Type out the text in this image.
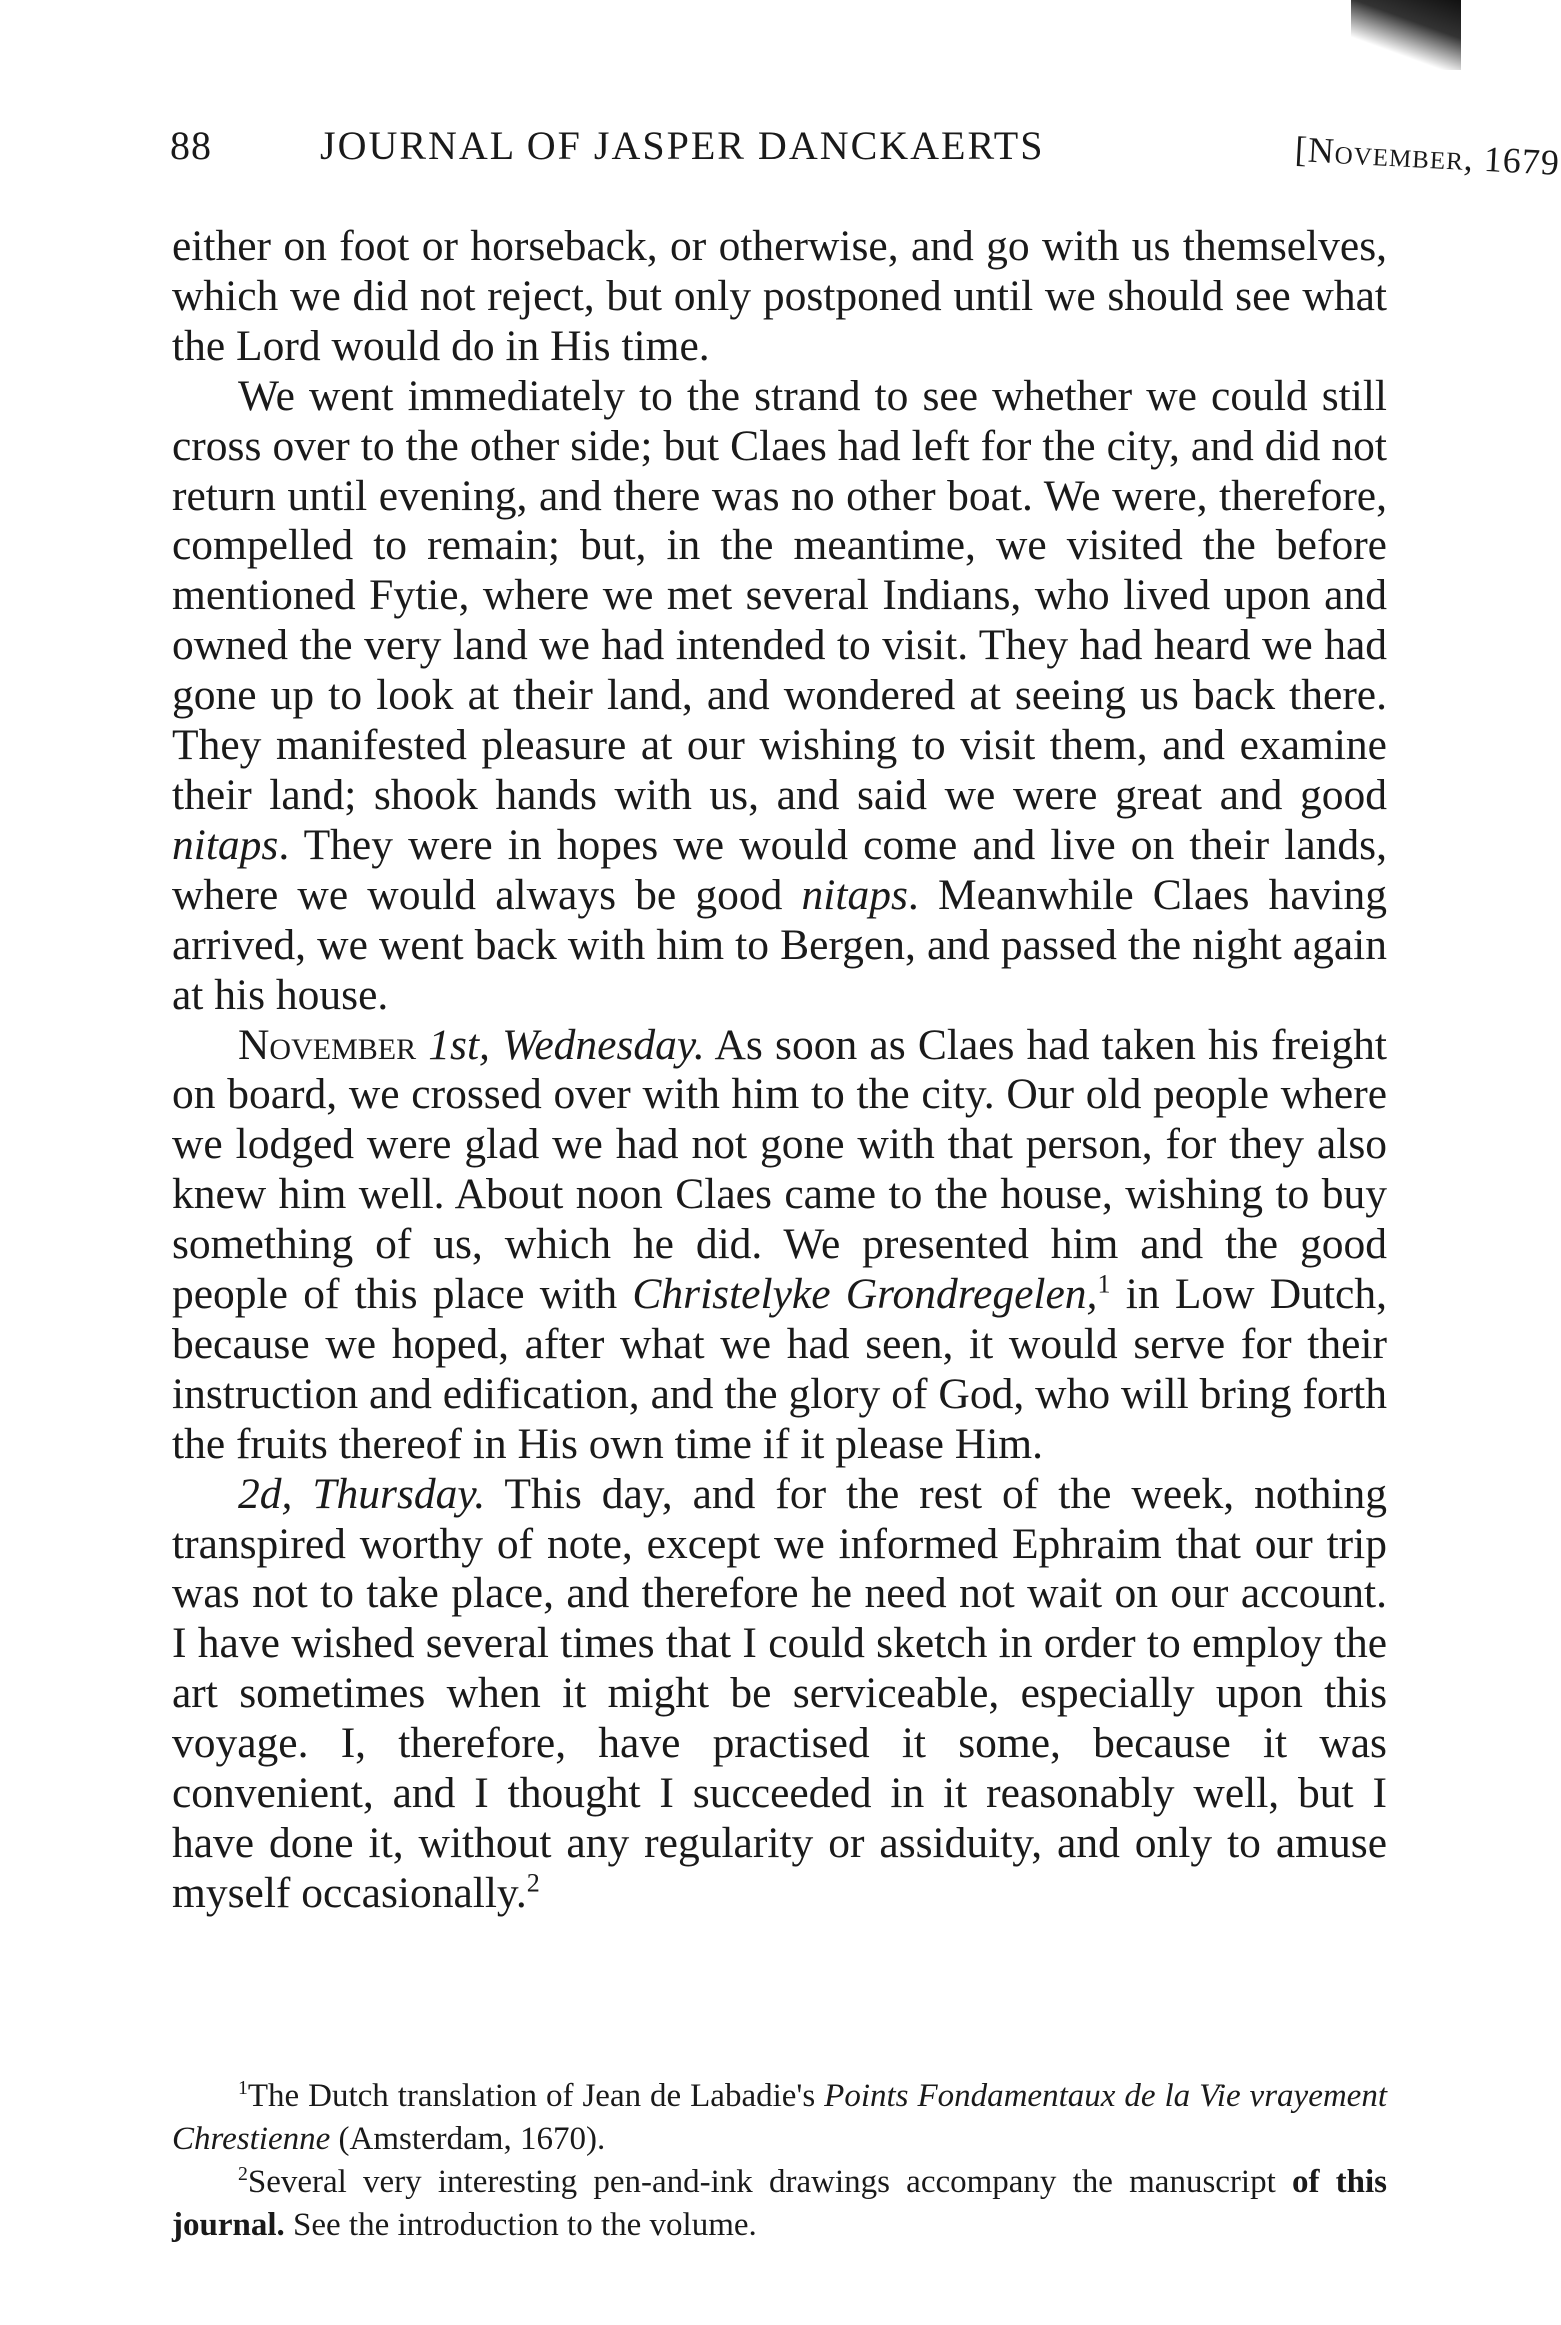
88	JOURNAL OF JASPER DANCKAERTS	[November, 1679

either on foot or horseback, or otherwise, and go with us themselves, which we did not reject, but only postponed until we should see what the Lord would do in His time.

We went immediately to the strand to see whether we could still cross over to the other side; but Claes had left for the city, and did not return until evening, and there was no other boat. We were, therefore, compelled to remain; but, in the meantime, we visited the before mentioned Fytie, where we met several Indians, who lived upon and owned the very land we had intended to visit. They had heard we had gone up to look at their land, and wondered at seeing us back there. They manifested pleasure at our wishing to visit them, and examine their land; shook hands with us, and said we were great and good nitaps. They were in hopes we would come and live on their lands, where we would always be good nitaps. Meanwhile Claes having arrived, we went back with him to Bergen, and passed the night again at his house.

November 1st, Wednesday. As soon as Claes had taken his freight on board, we crossed over with him to the city. Our old people where we lodged were glad we had not gone with that person, for they also knew him well. About noon Claes came to the house, wishing to buy something of us, which he did. We presented him and the good people of this place with Christelyke Grondregelen,$^1$ in Low Dutch, because we hoped, after what we had seen, it would serve for their instruction and edification, and the glory of God, who will bring forth the fruits thereof in His own time if it please Him.

2d, Thursday. This day, and for the rest of the week, nothing transpired worthy of note, except we informed Ephraim that our trip was not to take place, and therefore he need not wait on our account. I have wished several times that I could sketch in order to employ the art sometimes when it might be serviceable, especially upon this voyage. I, therefore, have practised it some, because it was convenient, and I thought I succeeded in it reasonably well, but I have done it, without any regularity or assiduity, and only to amuse myself occasionally.$^2$

$^1$The Dutch translation of Jean de Labadie's Points Fondamentaux de la Vie vrayement Chrestienne (Amsterdam, 1670).

$^2$Several very interesting pen-and-ink drawings accompany the manuscript of this journal. See the introduction to the volume.
